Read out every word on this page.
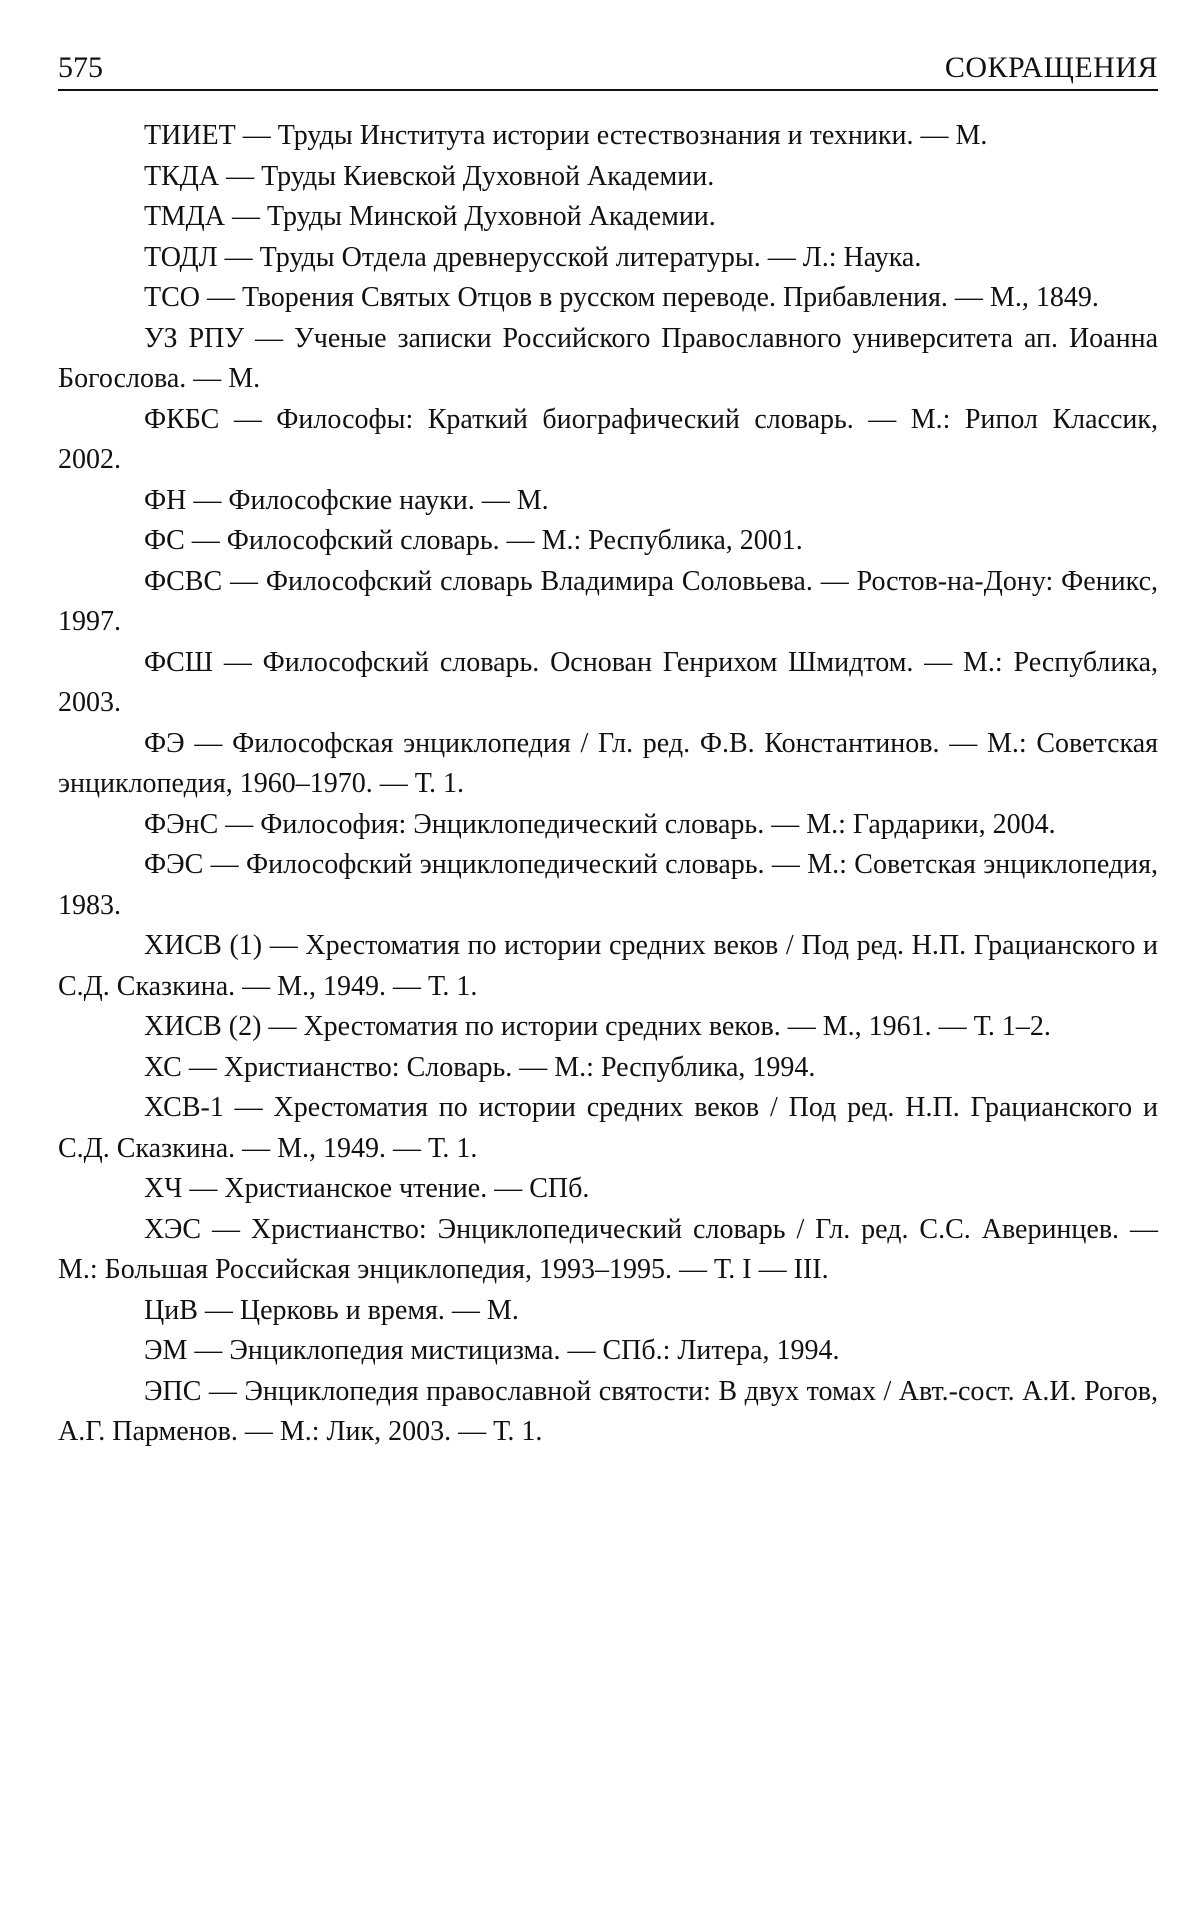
575	СОКРАЩЕНИЯ

ТИИЕТ — Труды Института истории естествознания и техники. — М.

ТКДА — Труды Киевской Духовной Академии.

ТМДА — Труды Минской Духовной Академии.

ТОДЛ — Труды Отдела древнерусской литературы. — Л.: Наука.

ТСО — Творения Святых Отцов в русском переводе. Прибавления. — М., 1849.

УЗ РПУ — Ученые записки Российского Православного университета ап. Иоанна Богослова. — М.

ФКБС — Философы: Краткий биографический словарь. — М.: Рипол Классик, 2002.

ФН — Философские науки. — М.

ФС — Философский словарь. — М.: Республика, 2001.

ФСВС — Философский словарь Владимира Соловьева. — Ростов-на-Дону: Феникс, 1997.

ФСШ — Философский словарь. Основан Генрихом Шмидтом. — М.: Республика, 2003.

ФЭ — Философская энциклопедия / Гл. ред. Ф.В. Константинов. — М.: Советская энциклопедия, 1960–1970. — Т. 1.

ФЭнС — Философия: Энциклопедический словарь. — М.: Гардарики, 2004.

ФЭС — Философский энциклопедический словарь. — М.: Советская энциклопедия, 1983.

ХИСВ (1) — Хрестоматия по истории средних веков / Под ред. Н.П. Грацианского и С.Д. Сказкина. — М., 1949. — Т. 1.

ХИСВ (2) — Хрестоматия по истории средних веков. — М., 1961. — Т. 1–2.

ХС — Христианство: Словарь. — М.: Республика, 1994.

ХСВ-1 — Хрестоматия по истории средних веков / Под ред. Н.П. Грацианского и С.Д. Сказкина. — М., 1949. — Т. 1.

ХЧ — Христианское чтение. — СПб.

ХЭС — Христианство: Энциклопедический словарь / Гл. ред. С.С. Аверинцев. — М.: Большая Российская энциклопедия, 1993–1995. — Т. I — III.

ЦиВ — Церковь и время. — М.

ЭМ — Энциклопедия мистицизма. — СПб.: Литера, 1994.

ЭПС — Энциклопедия православной святости: В двух томах / Авт.-сост. А.И. Рогов, А.Г. Парменов. — М.: Лик, 2003. — Т. 1.
